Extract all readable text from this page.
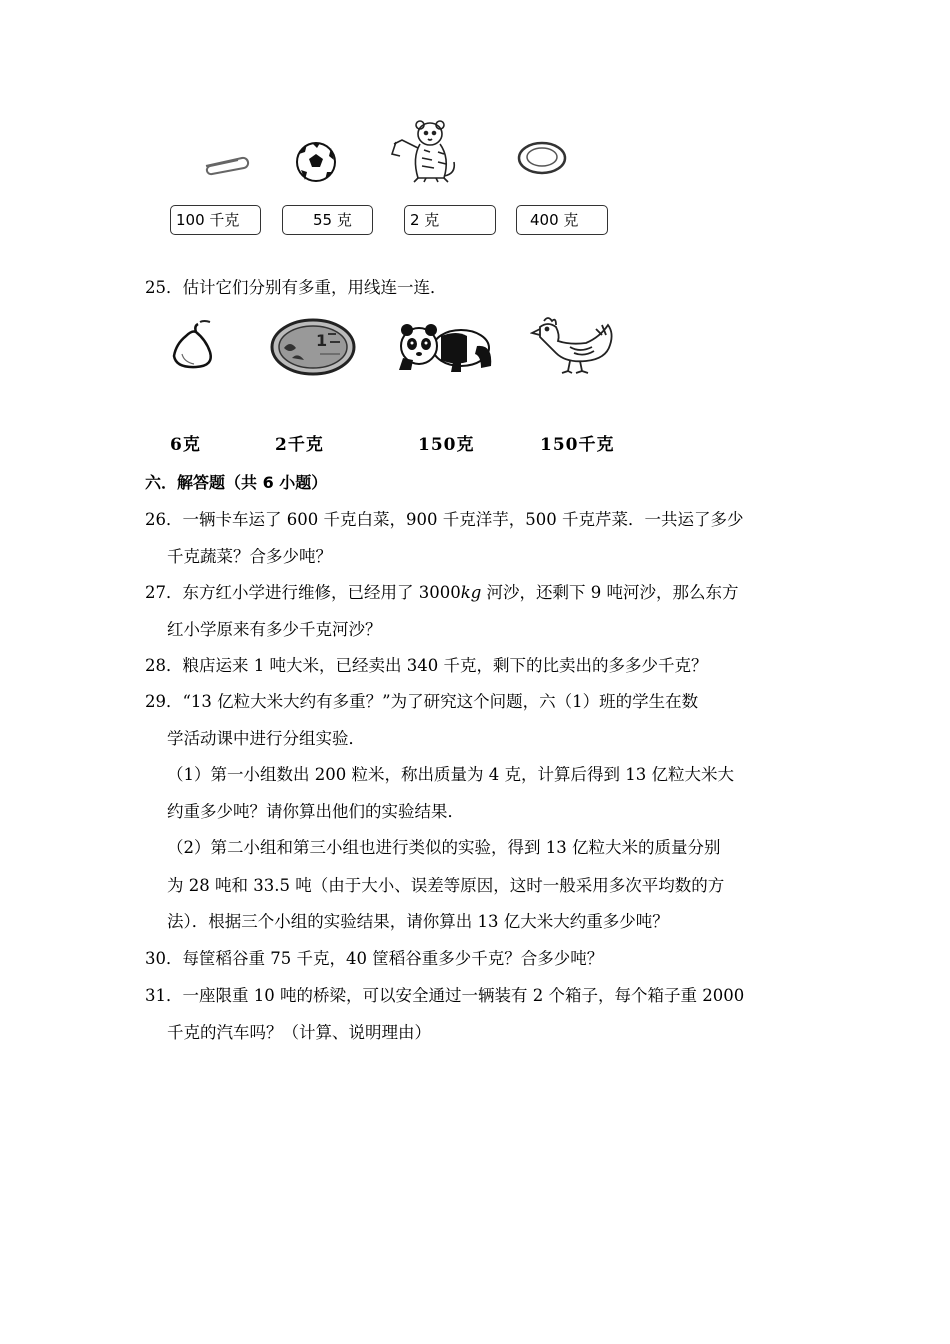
100 千克	55 克	2 克	400 克
25．估计它们分别有多重，用线连一连．
1
6克	2千克	150克	150千克
六．解答题（共 6 小题）
26．一辆卡车运了 600 千克白菜，900 千克洋芋，500 千克芹菜．一共运了多少
千克蔬菜？合多少吨？
27．东方红小学进行维修，已经用了 3000kg 河沙，还剩下 9 吨河沙，那么东方
红小学原来有多少千克河沙？
28．粮店运来 1 吨大米，已经卖出 340 千克，剩下的比卖出的多多少千克？
29．“13 亿粒大米大约有多重？”为了研究这个问题，六（1）班的学生在数
学活动课中进行分组实验．
（1）第一小组数出 200 粒米，称出质量为 4 克，计算后得到 13 亿粒大米大
约重多少吨？请你算出他们的实验结果．
（2）第二小组和第三小组也进行类似的实验，得到 13 亿粒大米的质量分别
为 28 吨和 33.5 吨（由于大小、误差等原因，这时一般采用多次平均数的方
法）．根据三个小组的实验结果，请你算出 13 亿大米大约重多少吨？
30．每筐稻谷重 75 千克，40 筐稻谷重多少千克？合多少吨？
31．一座限重 10 吨的桥梁，可以安全通过一辆装有 2 个箱子，每个箱子重 2000
千克的汽车吗？（计算、说明理由）
